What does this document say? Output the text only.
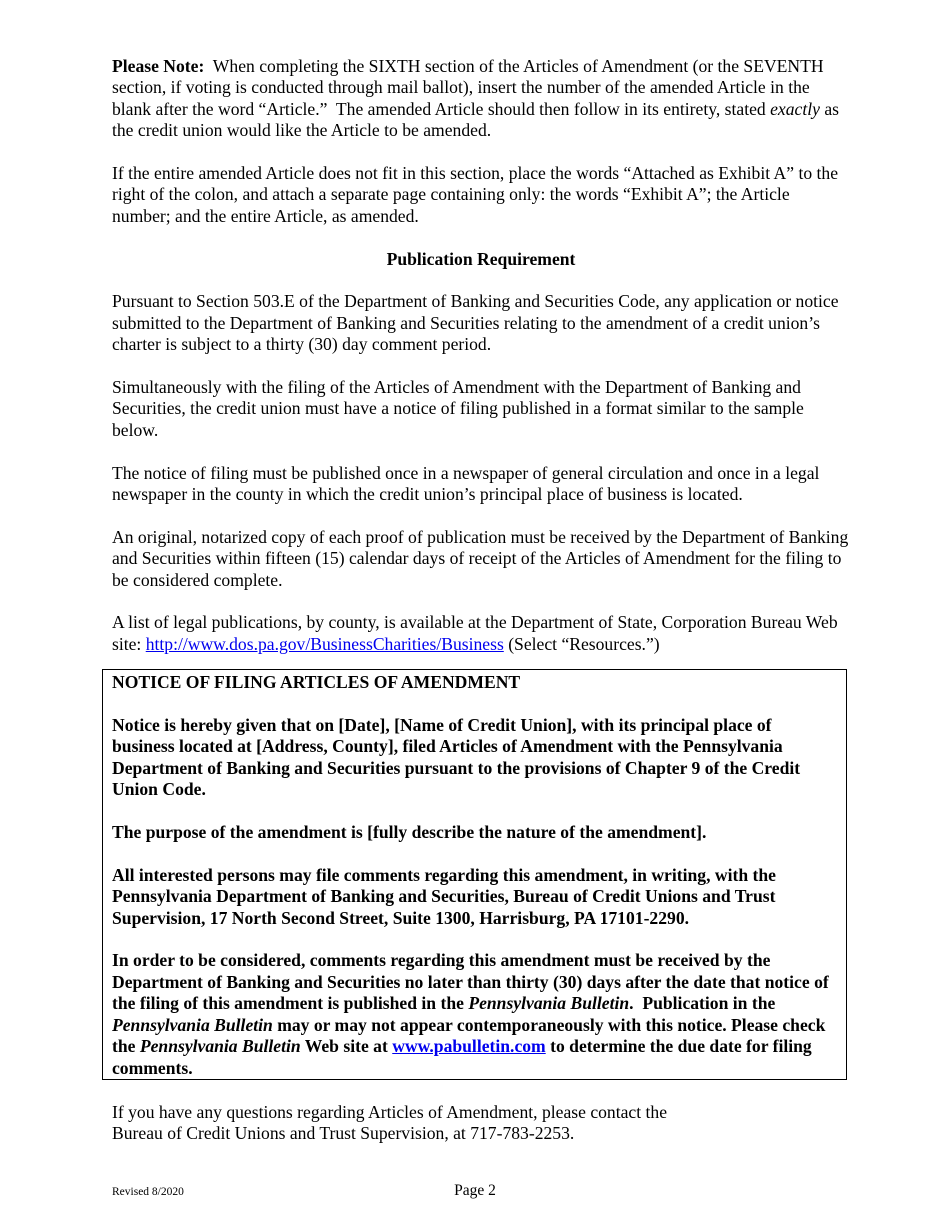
Please Note:  When completing the SIXTH section of the Articles of Amendment (or the SEVENTH section, if voting is conducted through mail ballot), insert the number of the amended Article in the blank after the word “Article.”  The amended Article should then follow in its entirety, stated exactly as the credit union would like the Article to be amended.

If the entire amended Article does not fit in this section, place the words “Attached as Exhibit A” to the right of the colon, and attach a separate page containing only: the words “Exhibit A”; the Article number; and the entire Article, as amended.

Publication Requirement

Pursuant to Section 503.E of the Department of Banking and Securities Code, any application or notice submitted to the Department of Banking and Securities relating to the amendment of a credit union’s charter is subject to a thirty (30) day comment period.

Simultaneously with the filing of the Articles of Amendment with the Department of Banking and Securities, the credit union must have a notice of filing published in a format similar to the sample below.

The notice of filing must be published once in a newspaper of general circulation and once in a legal newspaper in the county in which the credit union’s principal place of business is located.

An original, notarized copy of each proof of publication must be received by the Department of Banking and Securities within fifteen (15) calendar days of receipt of the Articles of Amendment for the filing to be considered complete.

A list of legal publications, by county, is available at the Department of State, Corporation Bureau Web site: http://www.dos.pa.gov/BusinessCharities/Business (Select “Resources.”)

NOTICE OF FILING ARTICLES OF AMENDMENT

Notice is hereby given that on [Date], [Name of Credit Union], with its principal place of business located at [Address, County], filed Articles of Amendment with the Pennsylvania Department of Banking and Securities pursuant to the provisions of Chapter 9 of the Credit Union Code.

The purpose of the amendment is [fully describe the nature of the amendment].

All interested persons may file comments regarding this amendment, in writing, with the Pennsylvania Department of Banking and Securities, Bureau of Credit Unions and Trust Supervision, 17 North Second Street, Suite 1300, Harrisburg, PA 17101-2290.

In order to be considered, comments regarding this amendment must be received by the Department of Banking and Securities no later than thirty (30) days after the date that notice of the filing of this amendment is published in the Pennsylvania Bulletin.  Publication in the Pennsylvania Bulletin may or may not appear contemporaneously with this notice. Please check the Pennsylvania Bulletin Web site at www.pabulletin.com to determine the due date for filing comments.

If you have any questions regarding Articles of Amendment, please contact the
Bureau of Credit Unions and Trust Supervision, at 717-783-2253.

Revised 8/2020	Page 2
